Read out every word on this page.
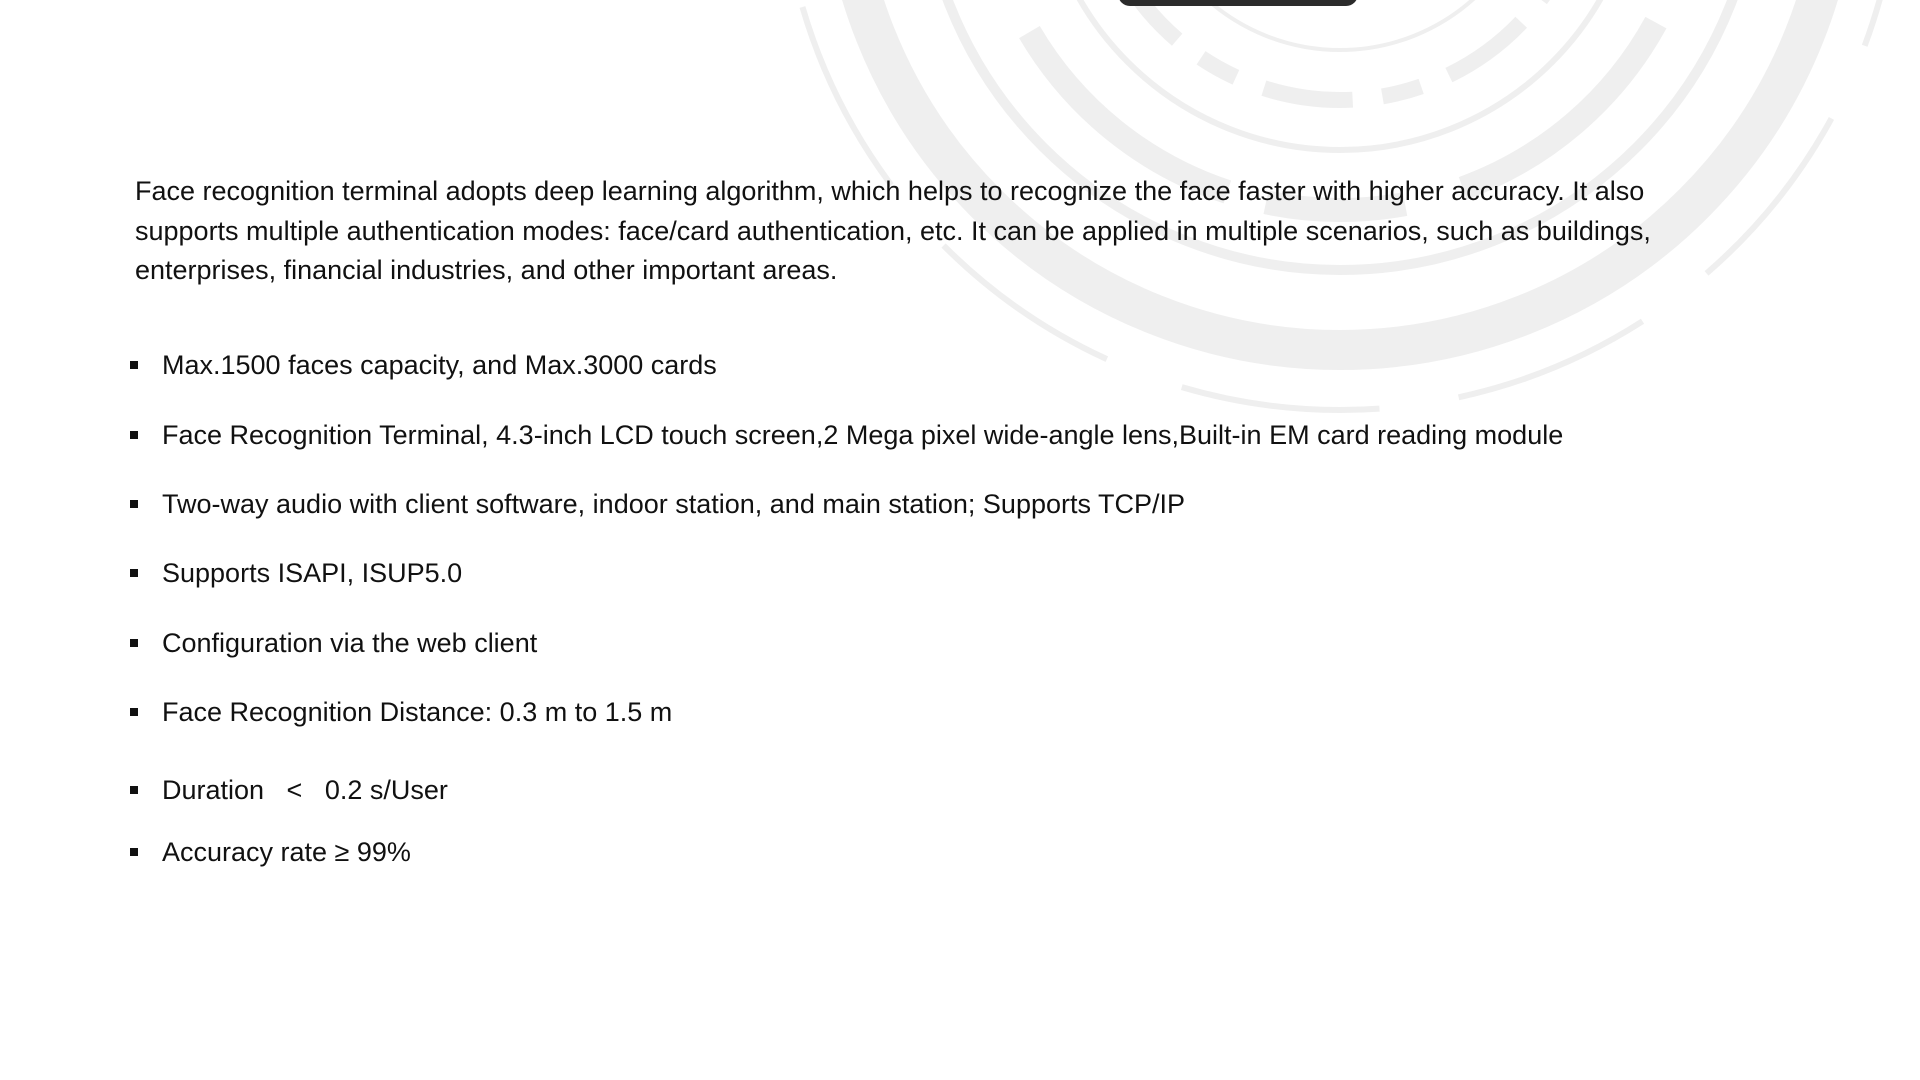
Face recognition terminal adopts deep learning algorithm, which helps to recognize the face faster with higher accuracy. It also supports multiple authentication modes: face/card authentication, etc. It can be applied in multiple scenarios, such as buildings, enterprises, financial industries, and other important areas.

Max.1500 faces capacity, and Max.3000 cards
Face Recognition Terminal, 4.3-inch LCD touch screen,2 Mega pixel wide-angle lens,Built-in EM card reading module
Two-way audio with client software, indoor station, and main station; Supports TCP/IP
Supports ISAPI, ISUP5.0
Configuration via the web client
Face Recognition Distance: 0.3 m to 1.5 m
Duration   <   0.2 s/User
Accuracy rate ≥ 99%
